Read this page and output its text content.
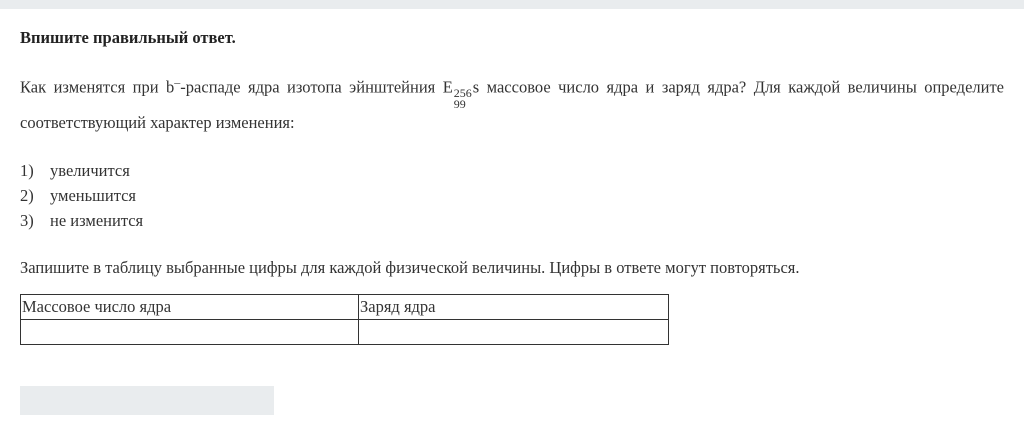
Впишите правильный ответ.

Как изменятся при b–-распаде ядра изотопа эйнштейния E 256
99
s массовое число ядра и заряд ядра? Для каждой величины определите соответствующий характер изменения:

1) увеличится
2) уменьшится
3) не изменится

Запишите в таблицу выбранные цифры для каждой физической величины. Цифры в ответе могут повторяться.

Массовое число ядра	Заряд ядра
